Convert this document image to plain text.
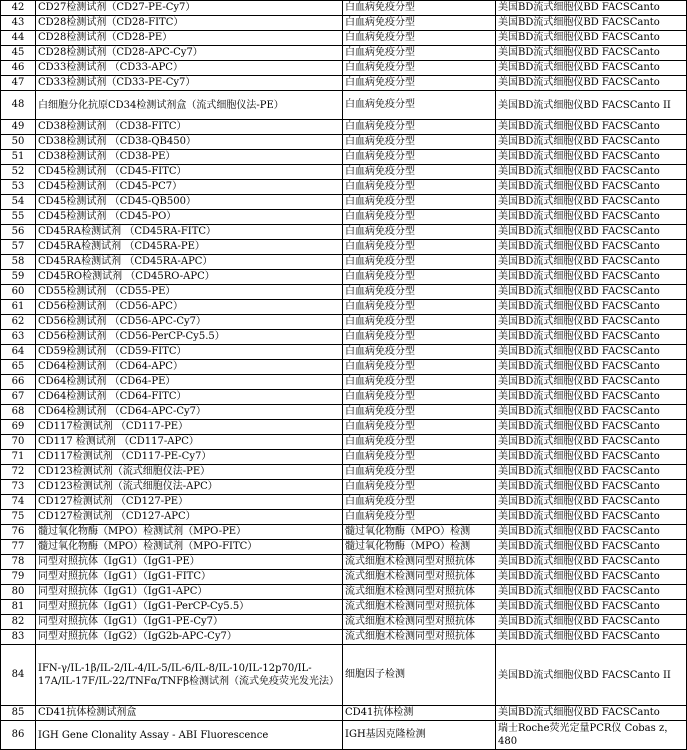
42	CD27检测试剂（CD27-PE-Cy7）	白血病免疫分型	美国BD流式细胞仪BD FACSCanto
43	CD28检测试剂（CD28-FITC）	白血病免疫分型	美国BD流式细胞仪BD FACSCanto
44	CD28检测试剂（CD28-PE）	白血病免疫分型	美国BD流式细胞仪BD FACSCanto
45	CD28检测试剂（CD28-APC-Cy7）	白血病免疫分型	美国BD流式细胞仪BD FACSCanto
46	CD33检测试剂 （CD33-APC）	白血病免疫分型	美国BD流式细胞仪BD FACSCanto
47	CD33检测试剂（CD33-PE-Cy7）	白血病免疫分型	美国BD流式细胞仪BD FACSCanto
48	白细胞分化抗原CD34检测试剂盒（流式细胞仪法-PE）	白血病免疫分型	美国BD流式细胞仪BD FACSCanto II
49	CD38检测试剂 （CD38-FITC）	白血病免疫分型	美国BD流式细胞仪BD FACSCanto
50	CD38检测试剂 （CD38-QB450）	白血病免疫分型	美国BD流式细胞仪BD FACSCanto
51	CD38检测试剂 （CD38-PE）	白血病免疫分型	美国BD流式细胞仪BD FACSCanto
52	CD45检测试剂 （CD45-FITC）	白血病免疫分型	美国BD流式细胞仪BD FACSCanto
53	CD45检测试剂 （CD45-PC7）	白血病免疫分型	美国BD流式细胞仪BD FACSCanto
54	CD45检测试剂 （CD45-QB500）	白血病免疫分型	美国BD流式细胞仪BD FACSCanto
55	CD45检测试剂 （CD45-PO）	白血病免疫分型	美国BD流式细胞仪BD FACSCanto
56	CD45RA检测试剂 （CD45RA-FITC）	白血病免疫分型	美国BD流式细胞仪BD FACSCanto
57	CD45RA检测试剂 （CD45RA-PE）	白血病免疫分型	美国BD流式细胞仪BD FACSCanto
58	CD45RA检测试剂 （CD45RA-APC）	白血病免疫分型	美国BD流式细胞仪BD FACSCanto
59	CD45RO检测试剂 （CD45RO-APC）	白血病免疫分型	美国BD流式细胞仪BD FACSCanto
60	CD55检测试剂 （CD55-PE）	白血病免疫分型	美国BD流式细胞仪BD FACSCanto
61	CD56检测试剂 （CD56-APC）	白血病免疫分型	美国BD流式细胞仪BD FACSCanto
62	CD56检测试剂 （CD56-APC-Cy7）	白血病免疫分型	美国BD流式细胞仪BD FACSCanto
63	CD56检测试剂 （CD56-PerCP-Cy5.5）	白血病免疫分型	美国BD流式细胞仪BD FACSCanto
64	CD59检测试剂 （CD59-FITC）	白血病免疫分型	美国BD流式细胞仪BD FACSCanto
65	CD64检测试剂 （CD64-APC）	白血病免疫分型	美国BD流式细胞仪BD FACSCanto
66	CD64检测试剂 （CD64-PE）	白血病免疫分型	美国BD流式细胞仪BD FACSCanto
67	CD64检测试剂 （CD64-FITC）	白血病免疫分型	美国BD流式细胞仪BD FACSCanto
68	CD64检测试剂 （CD64-APC-Cy7）	白血病免疫分型	美国BD流式细胞仪BD FACSCanto
69	CD117检测试剂 （CD117-PE）	白血病免疫分型	美国BD流式细胞仪BD FACSCanto
70	CD117 检测试剂 （CD117-APC）	白血病免疫分型	美国BD流式细胞仪BD FACSCanto
71	CD117检测试剂 （CD117-PE-Cy7）	白血病免疫分型	美国BD流式细胞仪BD FACSCanto
72	CD123检测试剂（流式细胞仪法-PE）	白血病免疫分型	美国BD流式细胞仪BD FACSCanto
73	CD123检测试剂（流式细胞仪法-APC）	白血病免疫分型	美国BD流式细胞仪BD FACSCanto
74	CD127检测试剂 （CD127-PE）	白血病免疫分型	美国BD流式细胞仪BD FACSCanto
75	CD127检测试剂 （CD127-APC）	白血病免疫分型	美国BD流式细胞仪BD FACSCanto
76	髓过氧化物酶（MPO）检测试剂（MPO-PE）	髓过氧化物酶（MPO）检测	美国BD流式细胞仪BD FACSCanto
77	髓过氧化物酶（MPO）检测试剂（MPO-FITC）	髓过氧化物酶（MPO）检测	美国BD流式细胞仪BD FACSCanto
78	同型对照抗体（IgG1）（IgG1-PE）	流式细胞术检测同型对照抗体	美国BD流式细胞仪BD FACSCanto
79	同型对照抗体（IgG1）（IgG1-FITC）	流式细胞术检测同型对照抗体	美国BD流式细胞仪BD FACSCanto
80	同型对照抗体（IgG1）（IgG1-APC）	流式细胞术检测同型对照抗体	美国BD流式细胞仪BD FACSCanto
81	同型对照抗体（IgG1）（IgG1-PerCP-Cy5.5）	流式细胞术检测同型对照抗体	美国BD流式细胞仪BD FACSCanto
82	同型对照抗体（IgG1）（IgG1-PE-Cy7）	流式细胞术检测同型对照抗体	美国BD流式细胞仪BD FACSCanto
83	同型对照抗体（IgG2）（IgG2b-APC-Cy7）	流式细胞术检测同型对照抗体	美国BD流式细胞仪BD FACSCanto
84	IFN-γ/IL-1β/IL-2/IL-4/IL-5/IL-6/IL-8/IL-10/IL-12p70/IL-17A/IL-17F/IL-22/TNFα/TNFβ检测试剂（流式免疫荧光发光法）	细胞因子检测	美国BD流式细胞仪BD FACSCanto II
85	CD41抗体检测试剂盒	CD41抗体检测	美国BD流式细胞仪BD FACSCanto
86	IGH Gene Clonality Assay - ABI Fluorescence	IGH基因克隆检测	瑞士Roche荧光定量PCR仪 Cobas z，480
